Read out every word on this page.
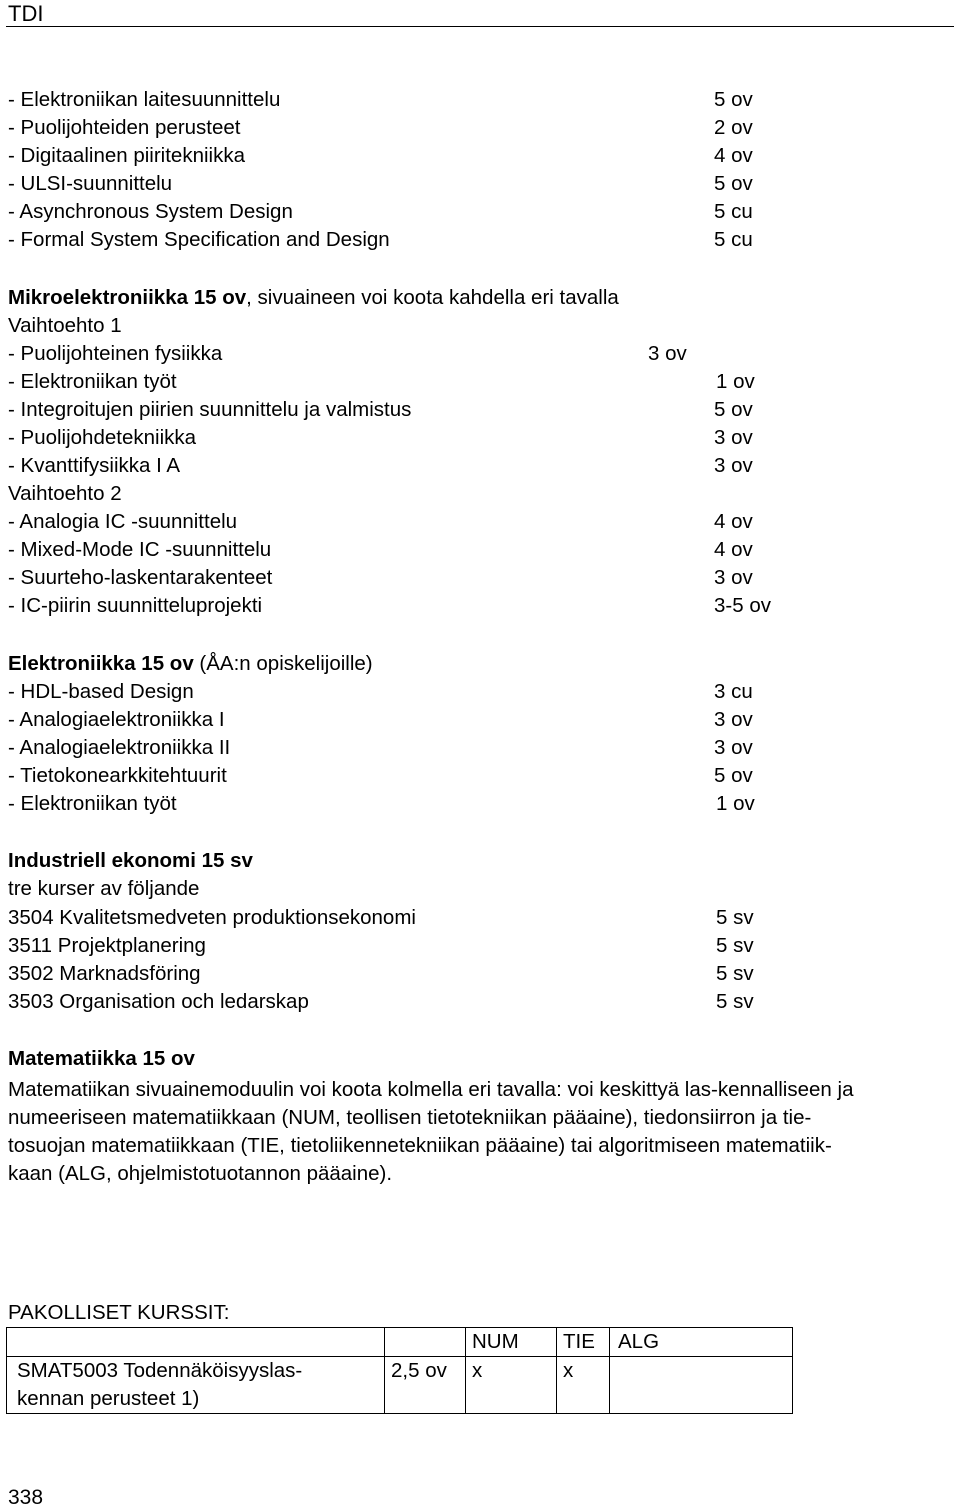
TDI
- Elektroniikan laitesuunnittelu	5 ov
- Puolijohteiden perusteet	2 ov
- Digitaalinen piiritekniikka	4 ov
- ULSI-suunnittelu	5 ov
- Asynchronous System Design	5 cu
- Formal System Specification and Design	5 cu
Mikroelektroniikka 15 ov, sivuaineen voi koota kahdella eri tavalla
Vaihtoehto 1
- Puolijohteinen fysiikka	3 ov
- Elektroniikan työt	1 ov
- Integroitujen piirien suunnittelu ja valmistus	5 ov
- Puolijohdetekniikka	3 ov
- Kvanttifysiikka I A	3 ov
Vaihtoehto 2
- Analogia IC -suunnittelu	4 ov
- Mixed-Mode IC -suunnittelu	4 ov
- Suurteho-laskentarakenteet	3 ov
- IC-piirin suunnitteluprojekti	3-5 ov
Elektroniikka 15 ov (ÅA:n opiskelijoille)
- HDL-based Design	3 cu
- Analogiaelektroniikka I	3 ov
- Analogiaelektroniikka II	3 ov
- Tietokonearkkitehtuurit	5 ov
- Elektroniikan työt	1 ov
Industriell ekonomi 15 sv
tre kurser av följande
3504 Kvalitetsmedveten produktionsekonomi	5 sv
3511 Projektplanering	5 sv
3502 Marknadsföring	5 sv
3503 Organisation och ledarskap	5 sv
Matematiikka 15 ov
Matematiikan sivuainemoduulin voi koota kolmella eri tavalla: voi keskittyä las-kennalliseen ja
numeeriseen matematiikkaan (NUM, teollisen tietotekniikan pääaine), tiedonsiirron ja tie-
tosuojan matematiikkaan (TIE, tietoliikennetekniikan pääaine) tai algoritmiseen matematiik-
kaan (ALG, ohjelmistotuotannon pääaine).
PAKOLLISET KURSSIT:
		NUM	TIE	ALG

SMAT5003 Todennäköisyyslas-
kennan perusteet 1)	2,5 ov	x	x	
338
